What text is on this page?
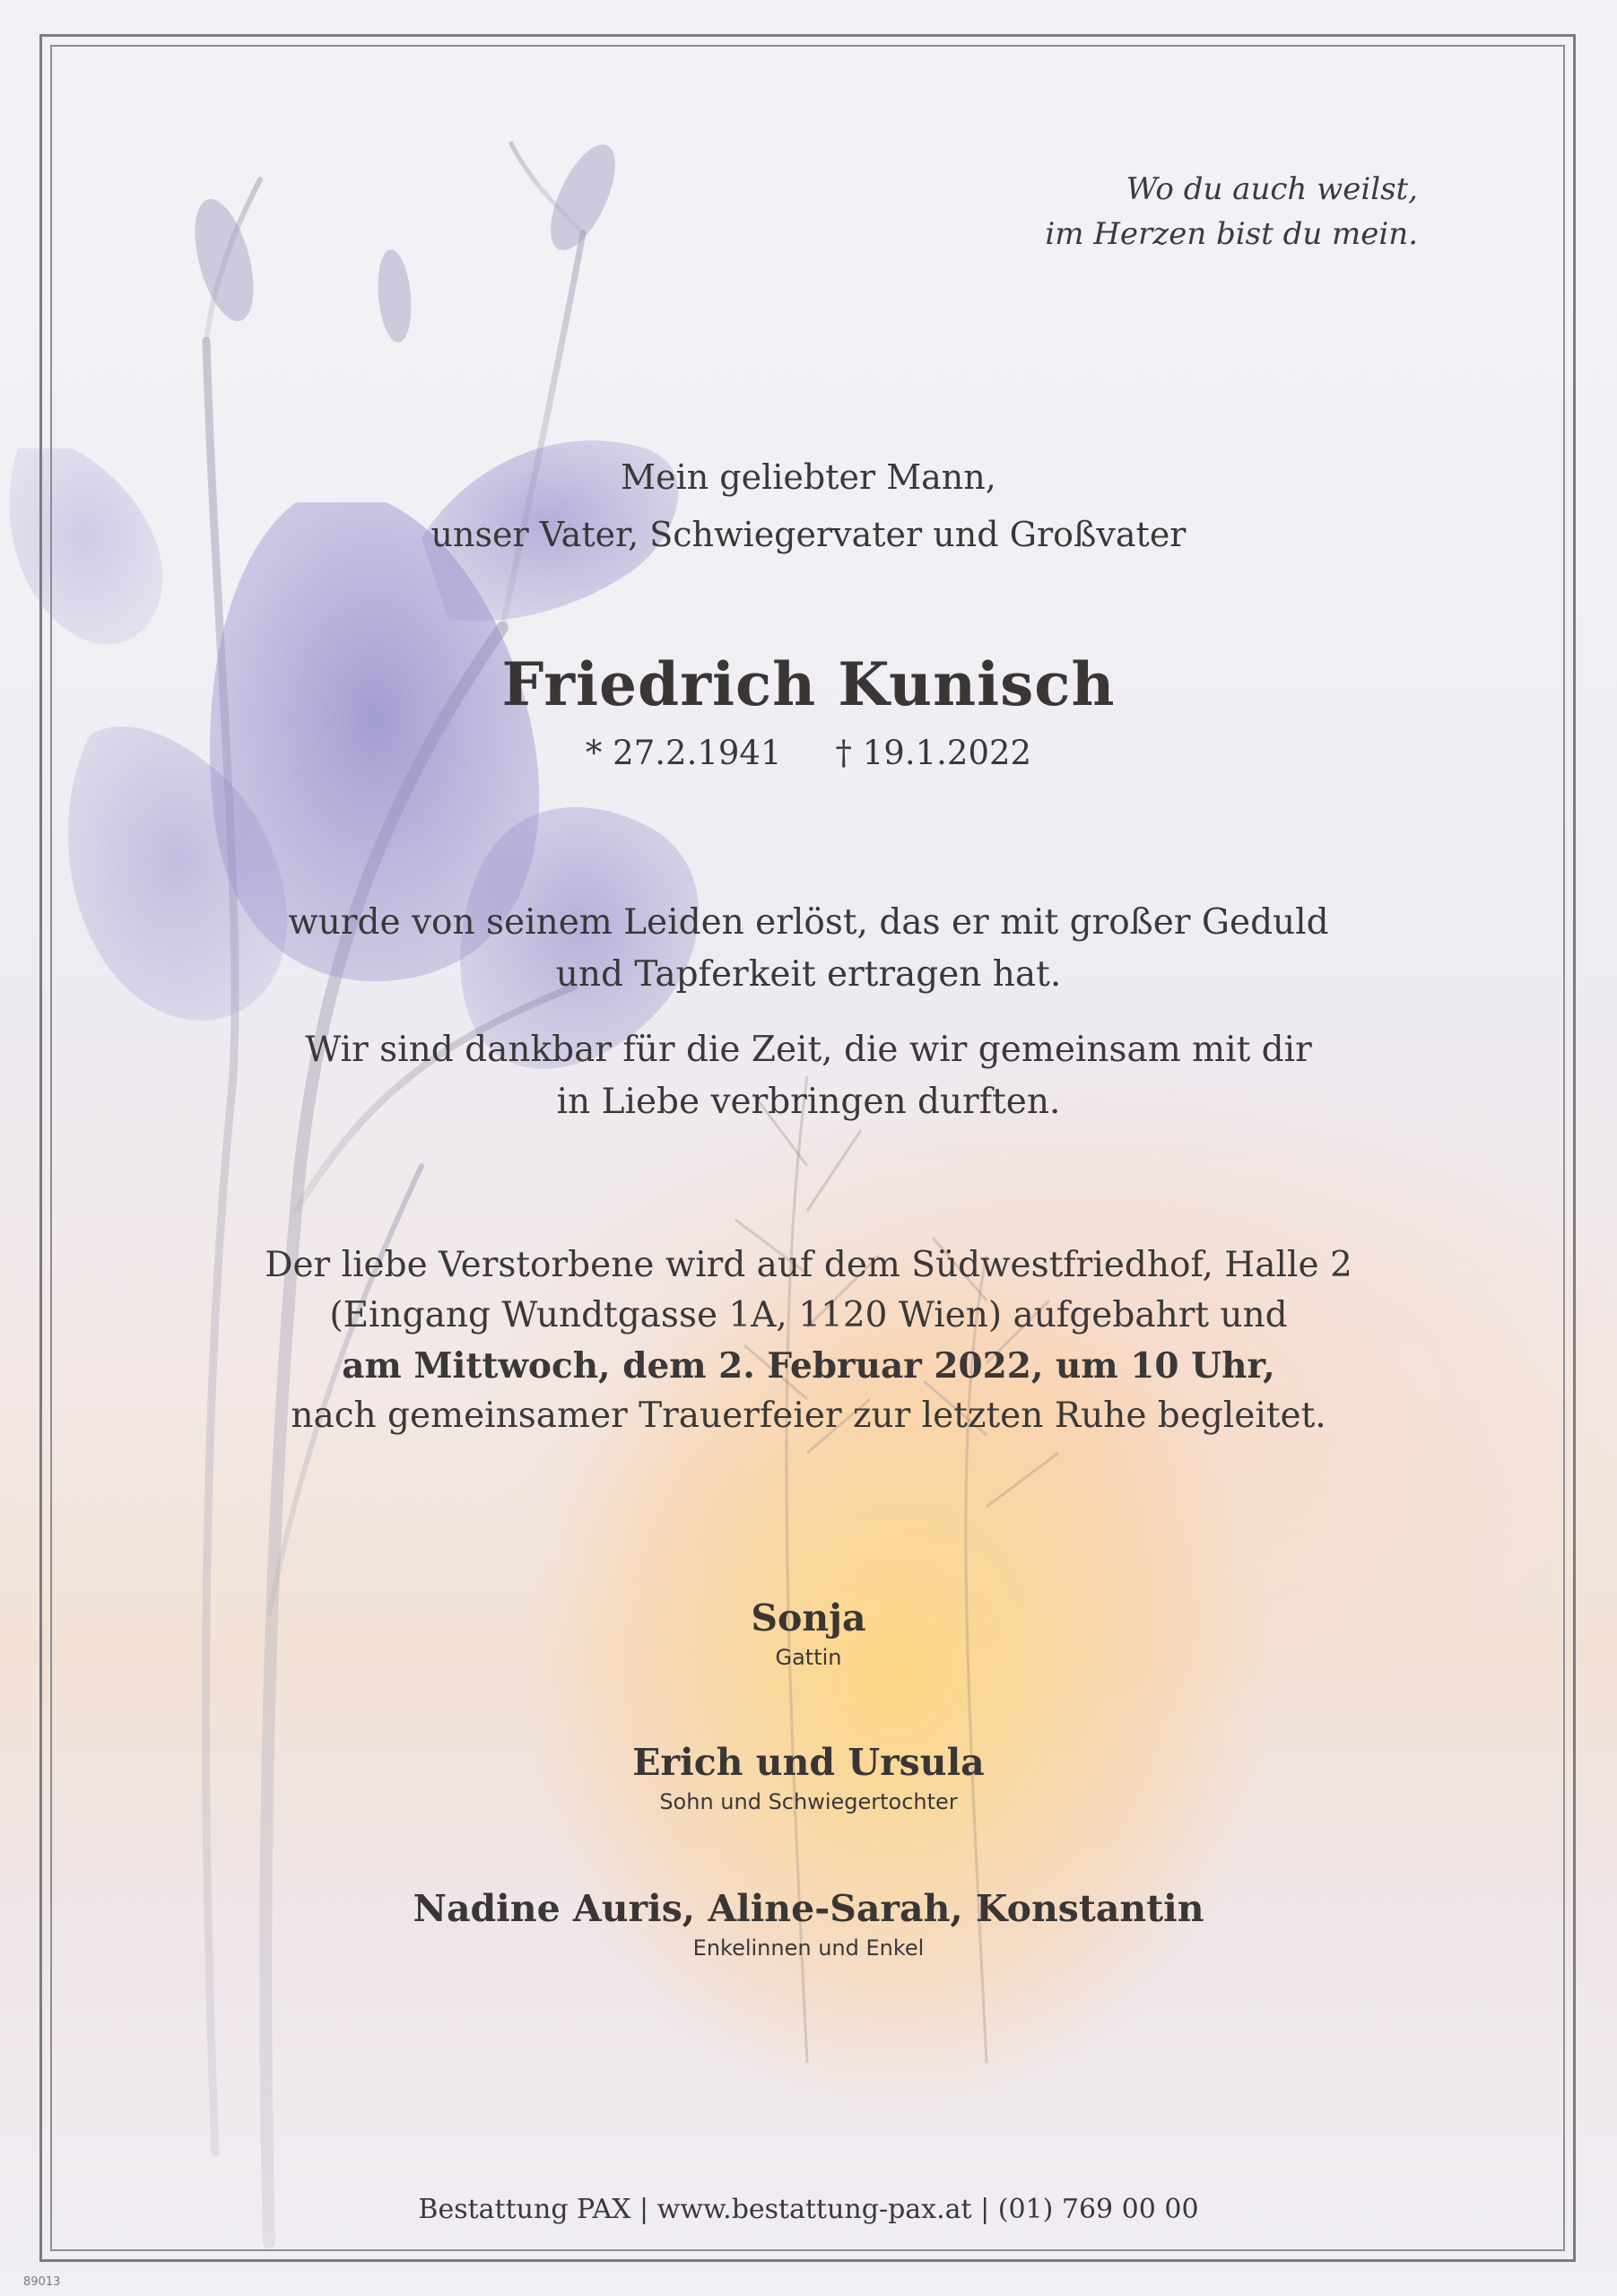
Wo du auch weilst,
im Herzen bist du mein.
Mein geliebter Mann,
unser Vater, Schwiegervater und Großvater
Friedrich Kunisch
* 27.2.1941 † 19.1.2022
wurde von seinem Leiden erlöst, das er mit großer Geduld
und Tapferkeit ertragen hat.
Wir sind dankbar für die Zeit, die wir gemeinsam mit dir
in Liebe verbringen durften.
Der liebe Verstorbene wird auf dem Südwestfriedhof, Halle 2
(Eingang Wundtgasse 1A, 1120 Wien) aufgebahrt und
am Mittwoch, dem 2. Februar 2022, um 10 Uhr,
nach gemeinsamer Trauerfeier zur letzten Ruhe begleitet.
Sonja
Gattin
Erich und Ursula
Sohn und Schwiegertochter
Nadine Auris, Aline-Sarah, Konstantin
Enkelinnen und Enkel
Bestattung PAX | www.bestattung-pax.at | (01) 769 00 00
89013
